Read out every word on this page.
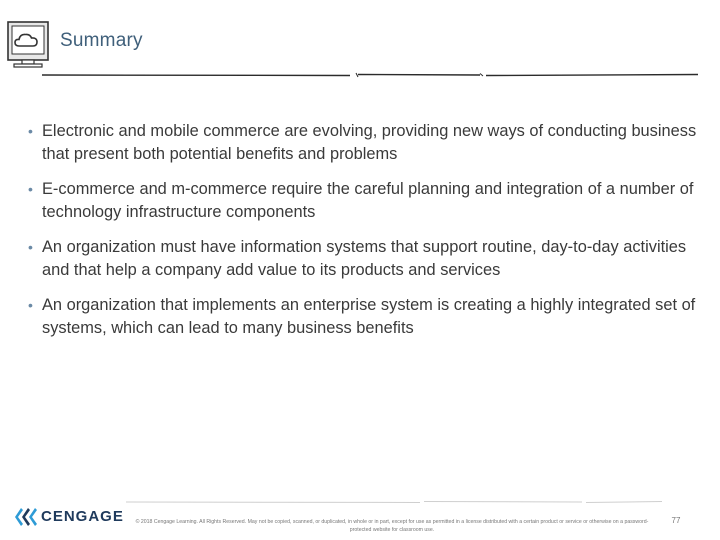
Summary
• Electronic and mobile commerce are evolving, providing new ways of conducting business that present both potential benefits and problems
• E-commerce and m-commerce require the careful planning and integration of a number of technology infrastructure components
• An organization must have information systems that support routine, day-to-day activities and that help a company add value to its products and services
• An organization that implements an enterprise system is creating a highly integrated set of systems, which can lead to many business benefits
CENGAGE	© 2018 Cengage Learning. All Rights Reserved. May not be copied, scanned, or duplicated, in whole or in part, except for use as permitted in a license distributed with a certain product or service or otherwise on a password-protected website for classroom use.
77
